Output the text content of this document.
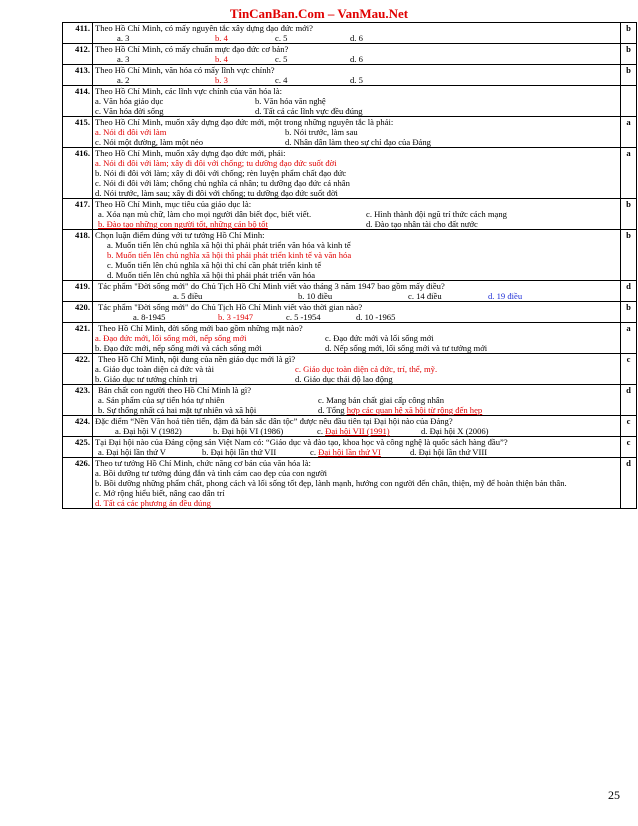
TinCanBan.Com – VanMau.Net
411.	Theo Hồ Chí Minh, có mấy nguyên tắc xây dựng đạo đức mới?
a. 3 b. 4 c. 5 d. 6	b
412.	Theo Hồ Chí Minh, có mấy chuẩn mực đạo đức cơ bản?
a. 3 b. 4 c. 5 d. 6	b
413.	Theo Hồ Chí Minh, văn hóa có mấy lĩnh vực chính?
a. 2 b. 3 c. 4 d. 5	b
414.	Theo Hồ Chí Minh, các lĩnh vực chính của văn hóa là:
a. Văn hóa giáo dục b. Văn hóa văn nghệ
c. Văn hóa đời sống d. Tất cả các lĩnh vực đều đúng	

415.	Theo Hồ Chí Minh, muốn xây dựng đạo đức mới, một trong những nguyên tắc là phải:
a. Nói đi đôi với làm b. Nói trước, làm sau
c. Nói một đường, làm một nẻo d. Nhân dân làm theo sự chỉ đạo của Đảng	a
416.	Theo Hồ Chí Minh, muốn xây dựng đạo đức mới, phải:
a. Nói đi đôi với làm; xây đi đôi với chống; tu dưỡng đạo đức suốt đời
b. Nói đi đôi với làm; xây đi đôi với chống; rèn luyện phẩm chất đạo đức
c. Nói đi đôi với làm; chống chủ nghĩa cá nhân; tu dưỡng đạo đức cá nhân
d. Nói trước, làm sau; xây đi đôi với chống; tu dưỡng đạo đức suốt đời	a
417.	Theo Hồ Chí Minh, mục tiêu của giáo dục là:
a. Xóa nạn mù chữ, làm cho mọi người dân biết đọc, biết viết. c. Hình thành đội ngũ trí thức cách mạng
b. Đào tạo những con người tốt, những cán bộ tốt d. Đào tạo nhân tài cho đất nước	b
418.	Chọn luận điểm đúng với tư tưởng Hồ Chí Minh:
a. Muốn tiến lên chủ nghĩa xã hội thì phải phát triển văn hóa và kinh tế
b. Muốn tiến lên chủ nghĩa xã hội thì phải phát triển kinh tế và văn hóa
c. Muốn tiến lên chủ nghĩa xã hội thì chỉ cần phát triển kinh tế
d. Muốn tiến lên chủ nghĩa xã hội thì phải phát triển văn hóa	b
419.	Tác phẩm "Đời sống mới" do Chủ Tịch Hồ Chí Minh viết vào tháng 3 năm 1947 bao gồm mấy điều?
a. 5 điều b. 10 điều c. 14 điều d. 19 điều	d
420.	Tác phẩm "Đời sống mới" do Chủ Tịch Hồ Chí Minh viết vào thời gian nào?
a. 8-1945 b. 3 -1947 c. 5 -1954 d. 10 -1965	b
421.	Theo Hồ Chí Minh, đời sống mới bao gồm những mặt nào?
a. Đạo đức mới, lối sống mới, nếp sống mới c. Đạo đức mới và lối sống mới
b. Đạo đức mới, nếp sống mới và cách sống mới d. Nếp sống mới, lối sống mới và tư tưởng mới	a
422.	Theo Hồ Chí Minh, nội dung của nền giáo dục mới là gì?
a. Giáo dục toàn diện cả đức và tài c. Giáo dục toàn diện cả đức, trí, thể, mỹ.
b. Giáo dục tư tưởng chính trị d. Giáo dục thái độ lao động	c
423.	Bản chất con người theo Hồ Chí Minh là gì?
a. Sản phẩm của sự tiến hóa tự nhiên c. Mang bản chất giai cấp công nhân
b. Sự thống nhất cả hai mặt tự nhiên và xã hội d. Tổng hợp các quan hệ xã hội từ rộng đến hẹp	d
424.	Đặc điểm “Nền Văn hoá tiên tiến, đậm đà bản sắc dân tộc” được nêu đầu tiên tại Đại hội nào của Đảng?
a. Đại hội V (1982) b. Đại hội VI (1986) c. Đại hội VII (1991) d. Đại hội X (2006)	c
425.	Tại Đại hội nào của Đảng cộng sản Việt Nam có: “Giáo dục và đào tạo, khoa học và công nghệ là quốc sách hàng đầu”?
a. Đại hội lần thứ V b. Đại hội lần thứ VII c. Đại hội lần thứ VI d. Đại hội lần thứ VIII	c
426.	Theo tư tưởng Hồ Chí Minh, chức năng cơ bản của văn hóa là:
a. Bồi dưỡng tư tưởng đúng đắn và tình cảm cao đẹp của con người
b. Bồi dưỡng những phẩm chất, phong cách và lối sống tốt đẹp, lành mạnh, hướng con người đến chân, thiện, mỹ để hoàn thiện bản thân.
c. Mở rộng hiểu biết, nâng cao dân trí
d. Tất cả các phương án đều đúng	d
25
